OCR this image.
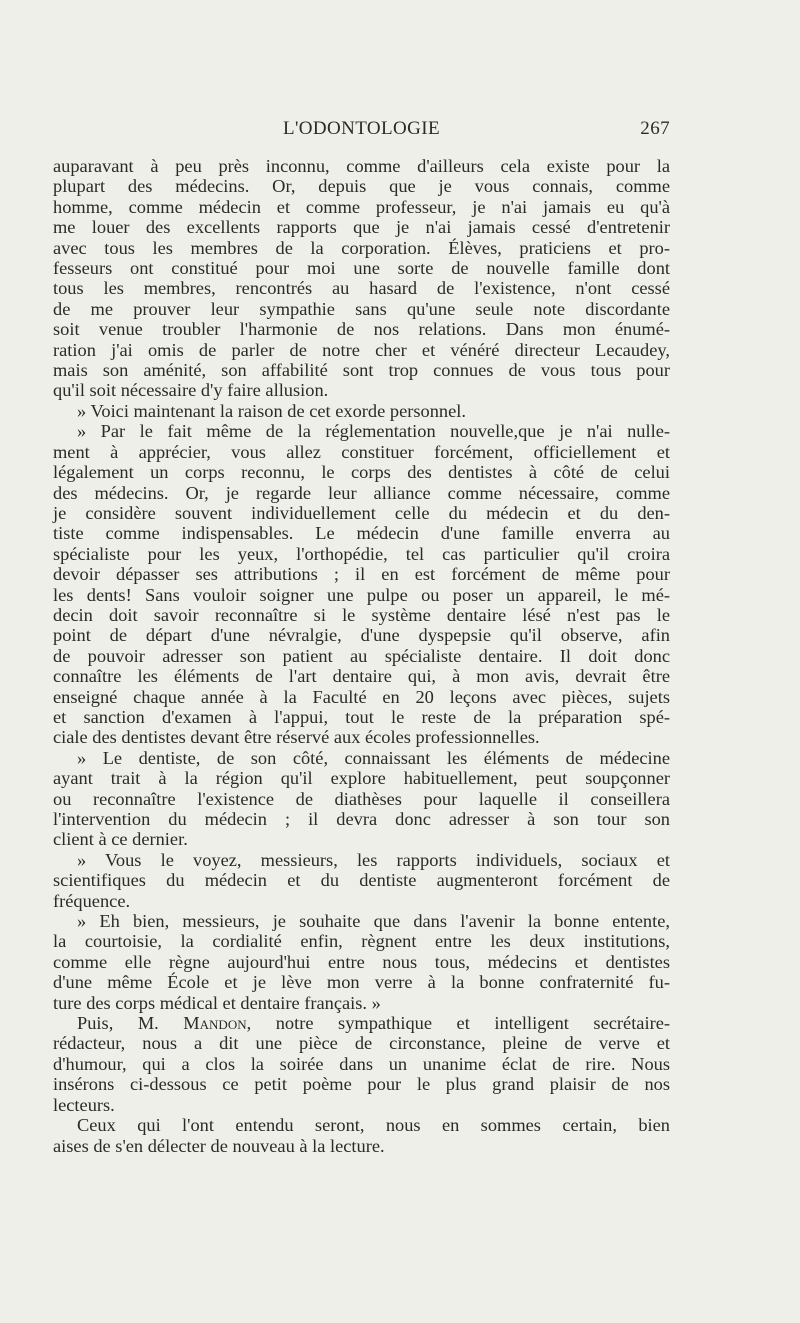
L'ODONTOLOGIE	267
auparavant à peu près inconnu, comme d'ailleurs cela existe pour la
plupart des médecins. Or, depuis que je vous connais, comme
homme, comme médecin et comme professeur, je n'ai jamais eu qu'à
me louer des excellents rapports que je n'ai jamais cessé d'entretenir
avec tous les membres de la corporation. Élèves, praticiens et pro-
fesseurs ont constitué pour moi une sorte de nouvelle famille dont
tous les membres, rencontrés au hasard de l'existence, n'ont cessé
de me prouver leur sympathie sans qu'une seule note discordante
soit venue troubler l'harmonie de nos relations. Dans mon énumé-
ration j'ai omis de parler de notre cher et vénéré directeur Lecaudey,
mais son aménité, son affabilité sont trop connues de vous tous pour
qu'il soit nécessaire d'y faire allusion.
» Voici maintenant la raison de cet exorde personnel.
» Par le fait même de la réglementation nouvelle,que je n'ai nulle-
ment à apprécier, vous allez constituer forcément, officiellement et
légalement un corps reconnu, le corps des dentistes à côté de celui
des médecins. Or, je regarde leur alliance comme nécessaire, comme
je considère souvent individuellement celle du médecin et du den-
tiste comme indispensables. Le médecin d'une famille enverra au
spécialiste pour les yeux, l'orthopédie, tel cas particulier qu'il croira
devoir dépasser ses attributions ; il en est forcément de même pour
les dents! Sans vouloir soigner une pulpe ou poser un appareil, le mé-
decin doit savoir reconnaître si le système dentaire lésé n'est pas le
point de départ d'une névralgie, d'une dyspepsie qu'il observe, afin
de pouvoir adresser son patient au spécialiste dentaire. Il doit donc
connaître les éléments de l'art dentaire qui, à mon avis, devrait être
enseigné chaque année à la Faculté en 20 leçons avec pièces, sujets
et sanction d'examen à l'appui, tout le reste de la préparation spé-
ciale des dentistes devant être réservé aux écoles professionnelles.
» Le dentiste, de son côté, connaissant les éléments de médecine
ayant trait à la région qu'il explore habituellement, peut soupçonner
ou reconnaître l'existence de diathèses pour laquelle il conseillera
l'intervention du médecin ; il devra donc adresser à son tour son
client à ce dernier.
» Vous le voyez, messieurs, les rapports individuels, sociaux et
scientifiques du médecin et du dentiste augmenteront forcément de
fréquence.
» Eh bien, messieurs, je souhaite que dans l'avenir la bonne entente,
la courtoisie, la cordialité enfin, règnent entre les deux institutions,
comme elle règne aujourd'hui entre nous tous, médecins et dentistes
d'une même École et je lève mon verre à la bonne confraternité fu-
ture des corps médical et dentaire français. »
Puis, M. Mandon, notre sympathique et intelligent secrétaire-
rédacteur, nous a dit une pièce de circonstance, pleine de verve et
d'humour, qui a clos la soirée dans un unanime éclat de rire. Nous
insérons ci-dessous ce petit poème pour le plus grand plaisir de nos
lecteurs.
Ceux qui l'ont entendu seront, nous en sommes certain, bien
aises de s'en délecter de nouveau à la lecture.
